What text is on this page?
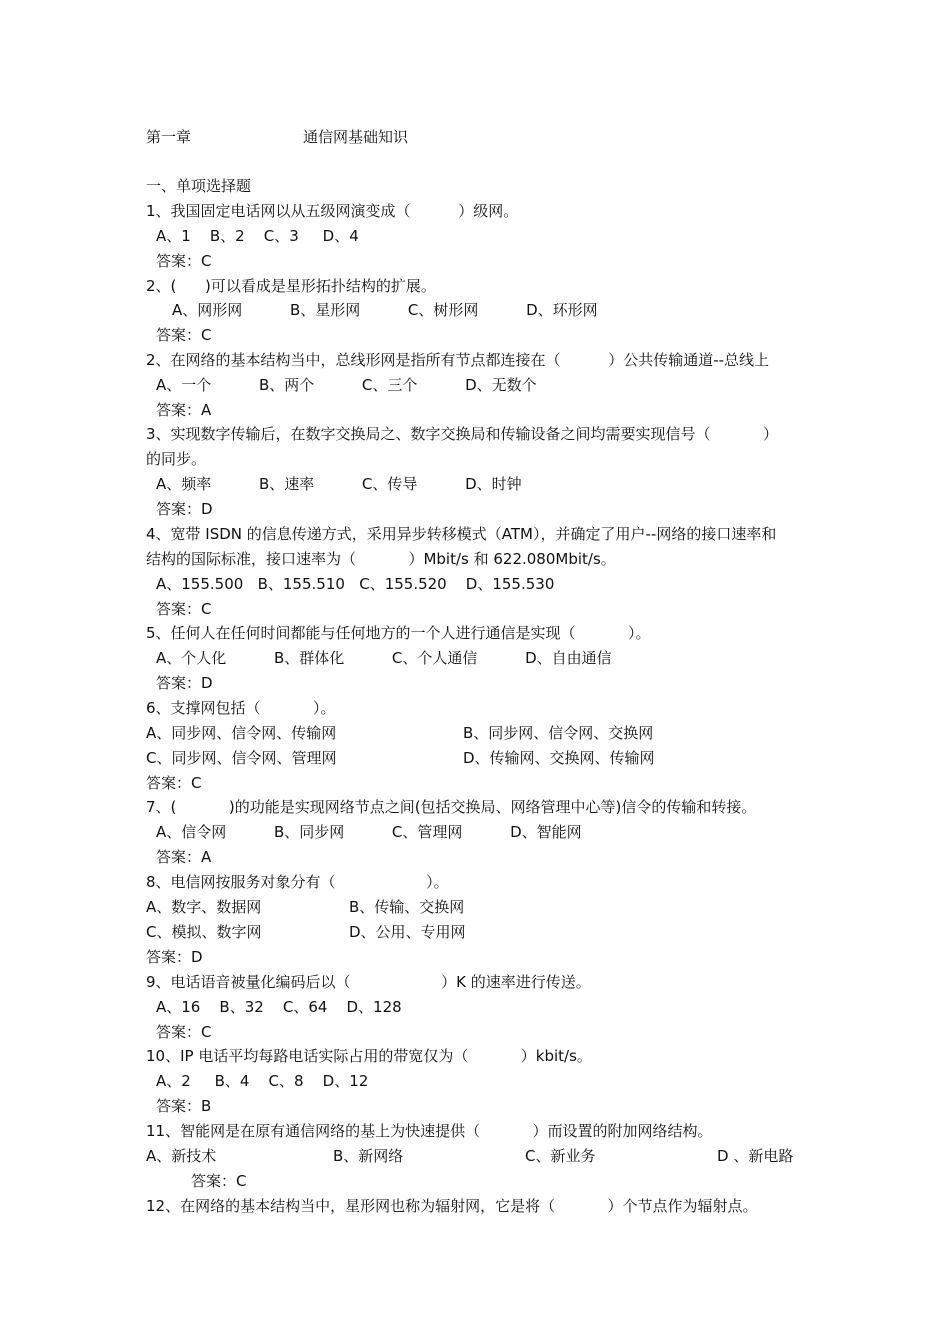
第一章	通信网基础知识
一、单项选择题
1、我国固定电话网以从五级网演变成（          ）级网。
A、1    B、2    C、3     D、4
答案：C
2、(      )可以看成是星形拓扑结构的扩展。
A、网形网          B、星形网          C、树形网          D、环形网
答案：C
2、在网络的基本结构当中，总线形网是指所有节点都连接在（          ）公共传输通道--总线上
A、一个          B、两个          C、三个          D、无数个
答案：A
3、实现数字传输后，在数字交换局之、数字交换局和传输设备之间均需要实现信号（           ）
的同步。
A、频率          B、速率          C、传导          D、时钟
答案：D
4、宽带 ISDN 的信息传递方式，采用异步转移模式（ATM），并确定了用户--网络的接口速率和
结构的国际标准，接口速率为（           ）Mbit/s 和 622.080Mbit/s。
A、155.500   B、155.510   C、155.520    D、155.530
答案：C
5、任何人在任何时间都能与任何地方的一个人进行通信是实现（           ）。
A、个人化          B、群体化          C、个人通信          D、自由通信
答案：D
6、支撑网包括（           ）。
A、同步网、信令网、传输网	B、同步网、信令网、交换网
C、同步网、信令网、管理网	D、传输网、交换网、传输网
答案：C
7、(           )的功能是实现网络节点之间(包括交换局、网络管理中心等)信令的传输和转接。
A、信令网          B、同步网          C、管理网          D、智能网
答案：A
8、电信网按服务对象分有（                   ）。
A、数字、数据网	B、传输、交换网
C、模拟、数字网	D、公用、专用网
答案：D
9、电话语音被量化编码后以（                   ）K 的速率进行传送。
A、16    B、32    C、64    D、128
答案：C
10、IP 电话平均每路电话实际占用的带宽仅为（           ）kbit/s。
A、2     B、4    C、8    D、12
答案：B
11、智能网是在原有通信网络的基上为快速提供（           ）而设置的附加网络结构。
A、新技术	B、新网络	C、新业务	D 、新电路
答案：C
12、在网络的基本结构当中，星形网也称为辐射网，它是将（           ）个节点作为辐射点。
